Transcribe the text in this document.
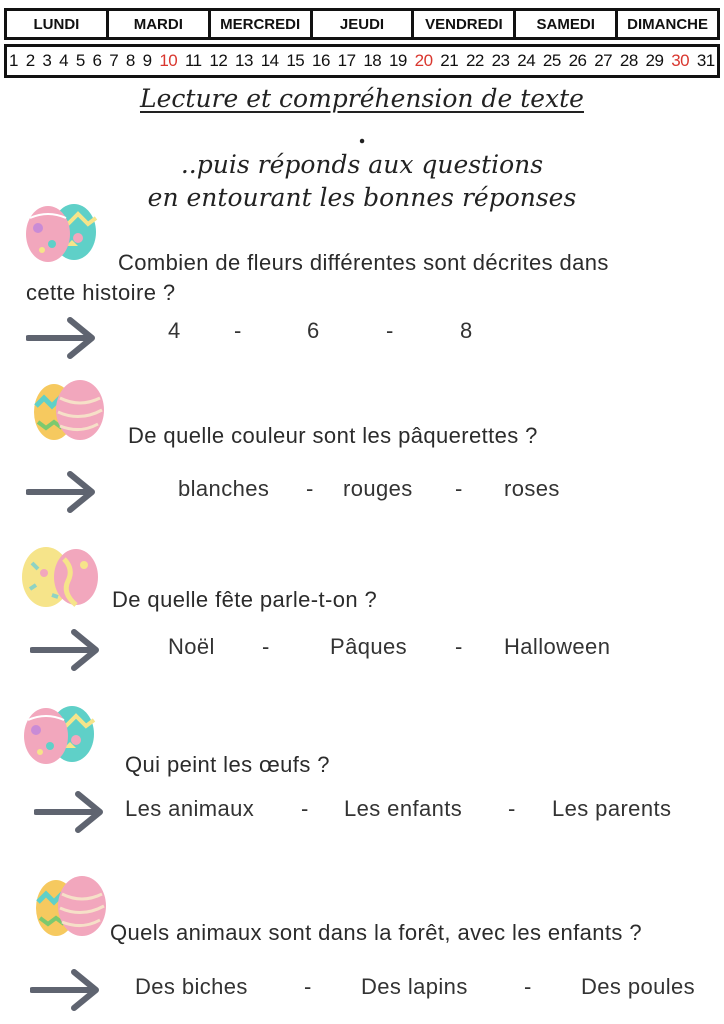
LUNDI	MARDI	MERCREDI	JEUDI	VENDREDI	SAMEDI	DIMANCHE
1 2 3 4 5 6 7 8 9 10 11 12 13 14 15 16 17 18 19 20 21 22 23 24 25 26 27 28 29 30 31
Lecture et compréhension de texte
.
..puis réponds aux questions
en entourant les bonnes réponses
Combien de fleurs différentes sont décrites dans
cette histoire ?
4 -	6	-	8
De quelle couleur sont les pâquerettes ?
blanches - rouges - roses
De quelle fête parle-t-on ?
Noël -	Pâques - Halloween
Qui peint les œufs ?
Les animaux - Les enfants - Les parents
Quels animaux sont dans la forêt, avec les enfants ?
Des biches	- Des lapins	- Des poules
